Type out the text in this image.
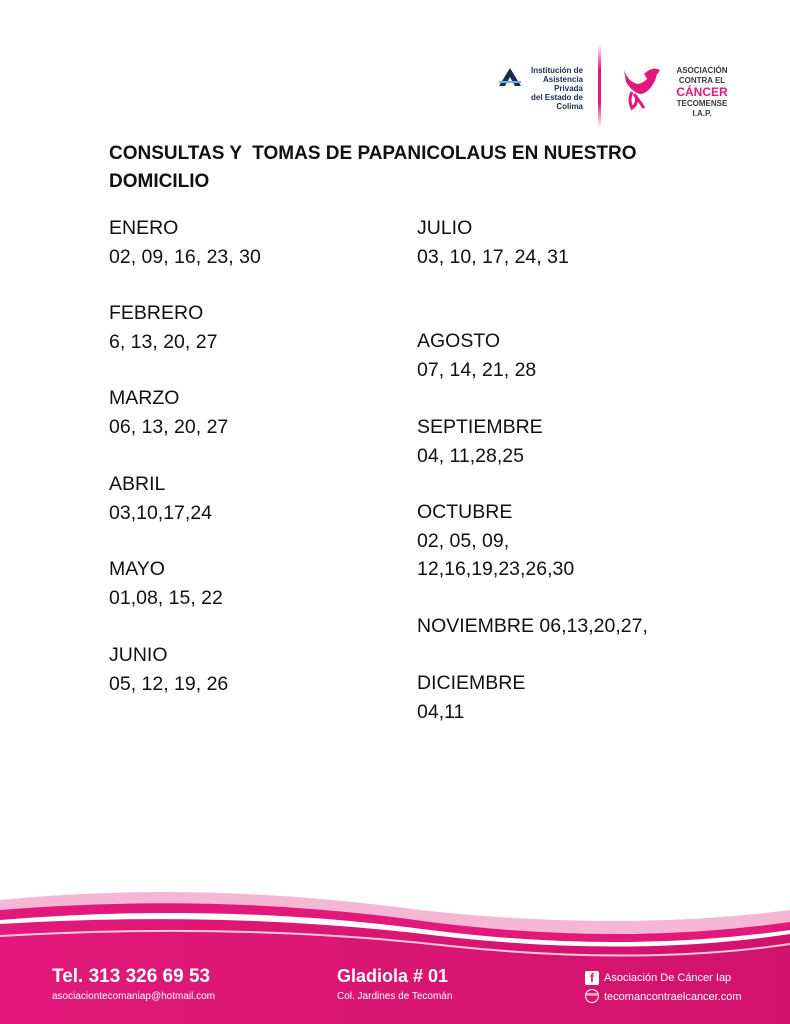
Institución de
Asistencia
Privada
del Estado de Colima
ASOCIACIÓN
CONTRA EL
CÁNCER
TECOMENSE I.A.P.
CONSULTAS Y  TOMAS DE PAPANICOLAUS EN NUESTRO
DOMICILIO
ENERO
02, 09, 16, 23, 30
FEBRERO
6, 13, 20, 27
MARZO
06, 13, 20, 27
ABRIL
03,10,17,24
MAYO
01,08, 15, 22
JUNIO
05, 12, 19, 26
JULIO
03, 10, 17, 24, 31
AGOSTO
07, 14, 21, 28
SEPTIEMBRE
04, 11,28,25
OCTUBRE
02, 05, 09,
12,16,19,23,26,30
NOVIEMBRE 06,13,20,27,
DICIEMBRE
04,11
Tel. 313 326 69 53
asociaciontecomaniap@hotmail.com
Gladiola # 01
Col. Jardines de Tecomán
f Asociación De Cáncer Iap
www tecomancontraelcancer.com
